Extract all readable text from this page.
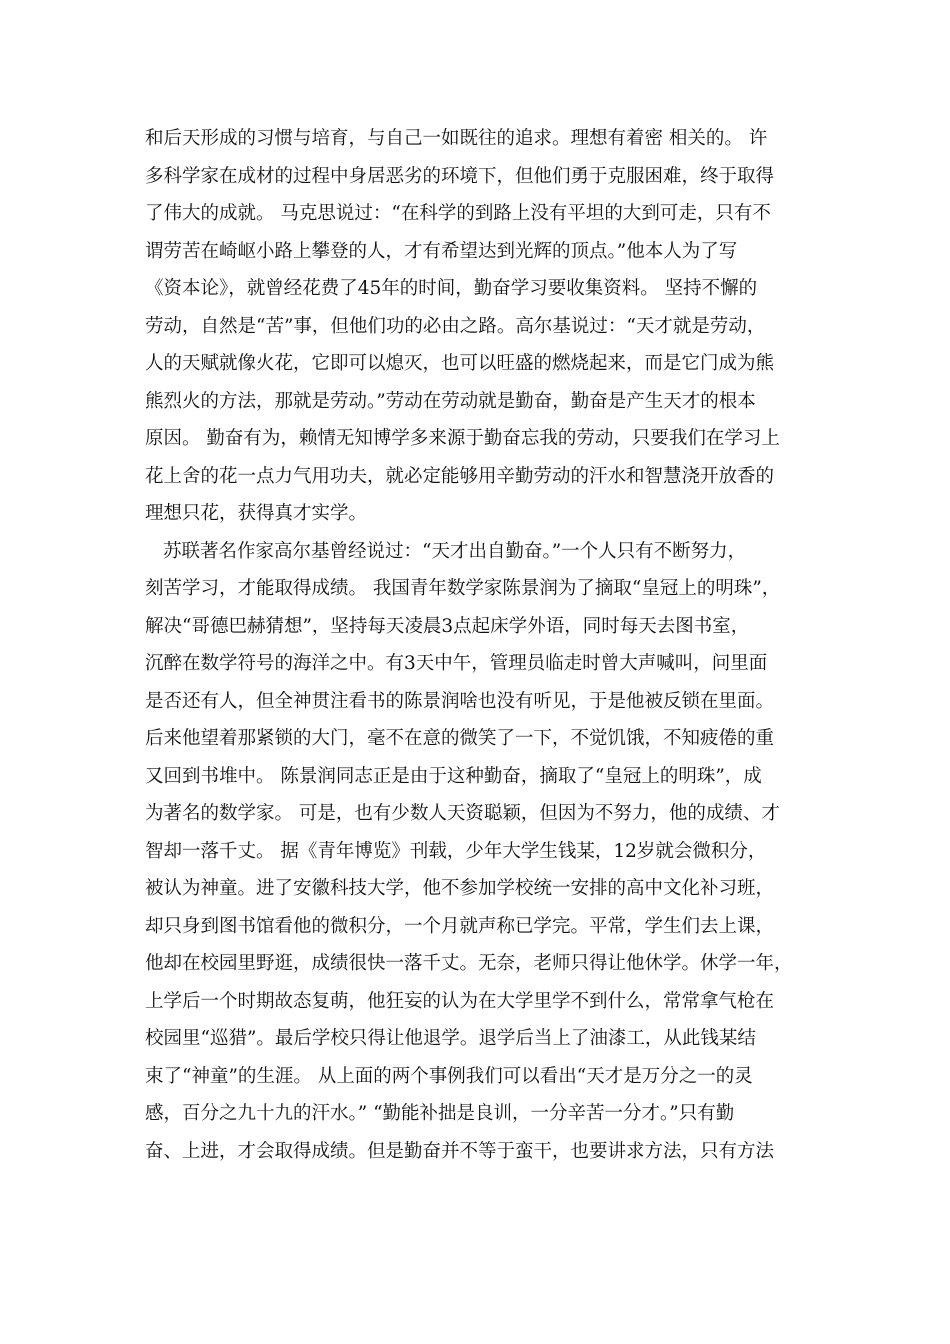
和后天形成的习惯与培育，与自己一如既往的追求。理想有着密 相关的。 许
多科学家在成材的过程中身居恶劣的环境下，但他们勇于克服困难，终于取得
了伟大的成就。 马克思说过：“在科学的到路上没有平坦的大到可走，只有不
谓劳苦在崎岖小路上攀登的人，才有希望达到光辉的顶点。”他本人为了写
《资本论》，就曾经花费了45年的时间，勤奋学习要收集资料。 坚持不懈的
劳动，自然是“苦”事，但他们功的必由之路。高尔基说过：“天才就是劳动，
人的天赋就像火花，它即可以熄灭，也可以旺盛的燃烧起来，而是它门成为熊
熊烈火的方法，那就是劳动。”劳动在劳动就是勤奋，勤奋是产生天才的根本
原因。 勤奋有为，赖情无知博学多来源于勤奋忘我的劳动，只要我们在学习上
花上舍的花一点力气用功夫，就必定能够用辛勤劳动的汗水和智慧浇开放香的
理想只花，获得真才实学。
苏联著名作家高尔基曾经说过：“天才出自勤奋。”一个人只有不断努力，
刻苦学习，才能取得成绩。 我国青年数学家陈景润为了摘取“皇冠上的明珠”，
解决“哥德巴赫猜想”，坚持每天凌晨3点起床学外语，同时每天去图书室，
沉醉在数学符号的海洋之中。有3天中午，管理员临走时曾大声喊叫，问里面
是否还有人，但全神贯注看书的陈景润啥也没有听见，于是他被反锁在里面。
后来他望着那紧锁的大门，毫不在意的微笑了一下，不觉饥饿，不知疲倦的重
又回到书堆中。 陈景润同志正是由于这种勤奋，摘取了“皇冠上的明珠”，成
为著名的数学家。 可是，也有少数人天资聪颖，但因为不努力，他的成绩、才
智却一落千丈。 据《青年博览》刊载，少年大学生钱某，12岁就会微积分，
被认为神童。进了安徽科技大学，他不参加学校统一安排的高中文化补习班，
却只身到图书馆看他的微积分，一个月就声称已学完。平常，学生们去上课，
他却在校园里野逛，成绩很快一落千丈。无奈，老师只得让他休学。休学一年，
上学后一个时期故态复萌，他狂妄的认为在大学里学不到什么，常常拿气枪在
校园里“巡猎”。最后学校只得让他退学。退学后当上了油漆工，从此钱某结
束了“神童”的生涯。 从上面的两个事例我们可以看出“天才是万分之一的灵
感，百分之九十九的汗水。” “勤能补拙是良训，一分辛苦一分才。”只有勤
奋、上进，才会取得成绩。但是勤奋并不等于蛮干，也要讲求方法，只有方法
